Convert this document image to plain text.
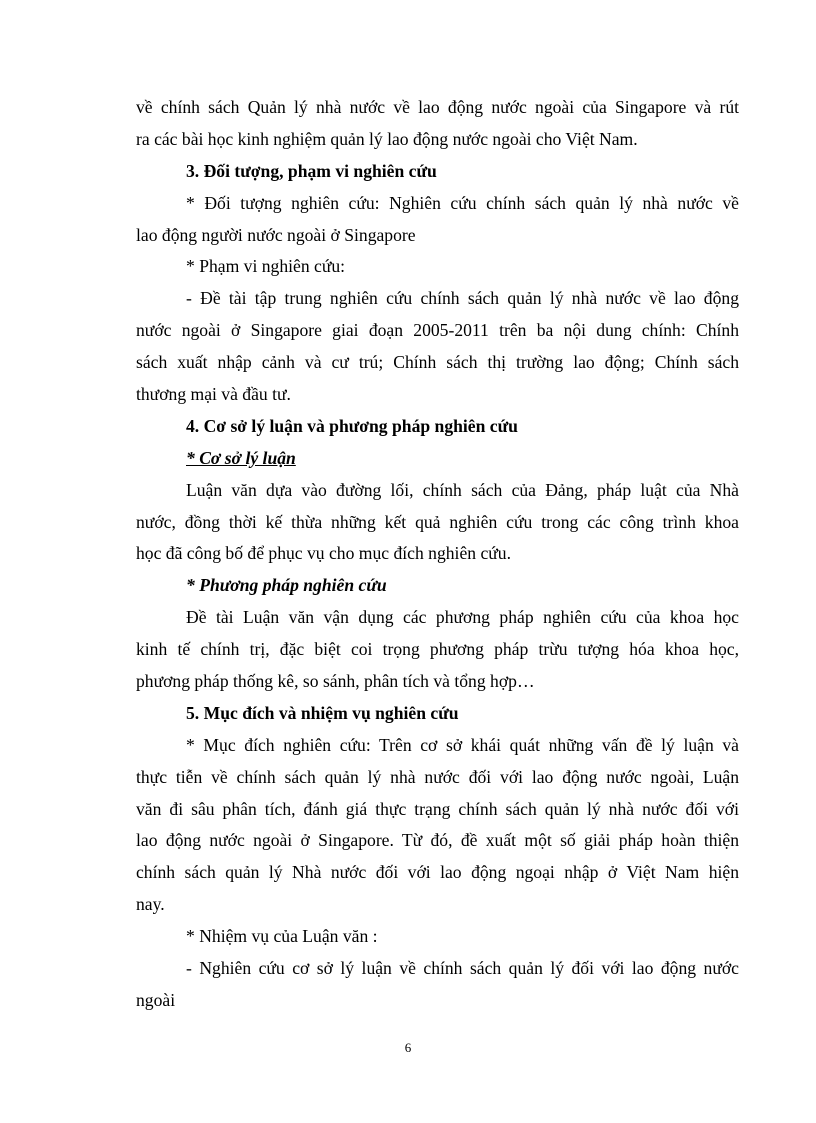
về chính sách Quản lý nhà nước về lao động nước ngoài của Singapore và rút
ra các bài học kinh nghiệm quản lý lao động nước ngoài cho Việt Nam.
3. Đối tượng, phạm vi nghiên cứu
* Đối tượng nghiên cứu: Nghiên cứu chính sách quản lý nhà nước về
lao động người nước ngoài ở Singapore
* Phạm vi nghiên cứu:
- Đề tài tập trung nghiên cứu chính sách quản lý nhà nước về lao động
nước ngoài ở Singapore giai đoạn 2005-2011 trên ba nội dung chính: Chính
sách xuất nhập cảnh và cư trú; Chính sách thị trường lao động; Chính sách
thương mại và đầu tư.
4. Cơ sở lý luận và phương pháp nghiên cứu
* Cơ sở lý luận
Luận văn dựa vào đường lối, chính sách của Đảng, pháp luật của Nhà
nước, đồng thời kế thừa những kết quả nghiên cứu trong các công trình khoa
học đã công bố để phục vụ cho mục đích nghiên cứu.
* Phương pháp nghiên cứu
Đề tài Luận văn vận dụng các phương pháp nghiên cứu của khoa học
kinh tế chính trị, đặc biệt coi trọng phương pháp trừu tượng hóa khoa học,
phương pháp thống kê, so sánh, phân tích và tổng hợp…
5. Mục đích và nhiệm vụ nghiên cứu
* Mục đích nghiên cứu: Trên cơ sở khái quát những vấn đề lý luận và
thực tiễn về chính sách quản lý nhà nước đối với lao động nước ngoài, Luận
văn đi sâu phân tích, đánh giá thực trạng chính sách quản lý nhà nước đối với
lao động nước ngoài ở Singapore. Từ đó, đề xuất một số giải pháp hoàn thiện
chính sách quản lý Nhà nước đối với lao động ngoại nhập ở Việt Nam hiện
nay.
* Nhiệm vụ của Luận văn :
- Nghiên cứu cơ sở lý luận về chính sách quản lý đối với lao động nước
ngoài
6
